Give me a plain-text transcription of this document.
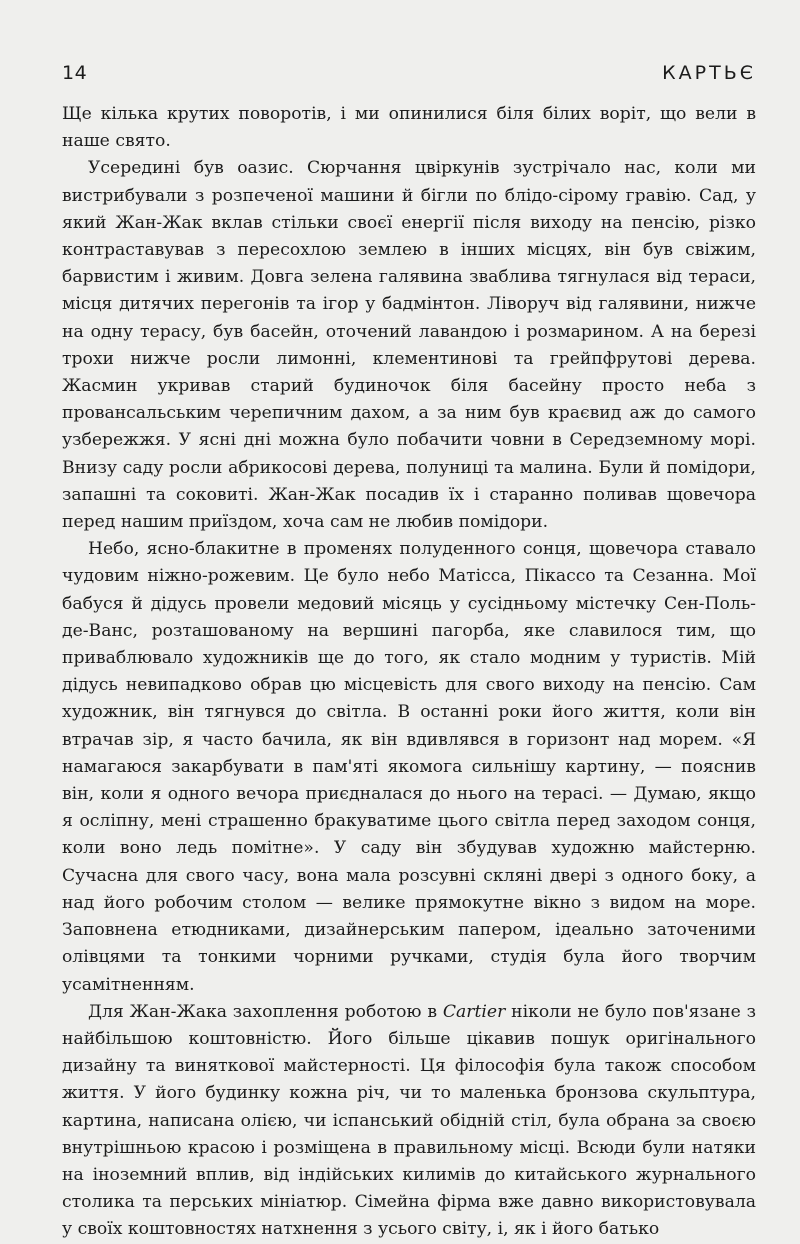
14	КАРТЬЄ

Ще кілька крутих поворотів, і ми опинилися біля білих воріт, що вели в наше свято.

Усередині був оазис. Сюрчання цвіркунів зустрічало нас, коли ми вистрибували з розпеченої машини й бігли по блідо-сірому гравію. Сад, у який Жан-Жак вклав стільки своєї енергії після виходу на пенсію, різко контраставував з пересохлою землею в інших місцях, він був свіжим, барвистим і живим. Довга зелена галявина зваблива тягнулася від тераси, місця дитячих перегонів та ігор у бадмінтон. Ліворуч від галявини, нижче на одну терасу, був басейн, оточений лавандою і розмарином. А на березі трохи нижче росли лимонні, клементинові та грейпфрутові дерева. Жасмин укривав старий будиночок біля басейну просто неба з провансальським черепичним дахом, а за ним був краєвид аж до самого узбережжя. У ясні дні можна було побачити човни в Середземному морі. Внизу саду росли абрикосові дерева, полуниці та малина. Були й помідори, запашні та соковиті. Жан-Жак посадив їх і старанно поливав щовечора перед нашим приїздом, хоча сам не любив помідори.

Небо, ясно-блакитне в променях полуденного сонця, щовечора ставало чудовим ніжно-рожевим. Це було небо Матісса, Пікассо та Сезанна. Мої бабуся й дідусь провели медовий місяць у сусідньому містечку Сен-Поль-де-Ванс, розташованому на вершині пагорба, яке славилося тим, що приваблювало художників ще до того, як стало модним у туристів. Мій дідусь невипадково обрав цю місцевість для свого виходу на пенсію. Сам художник, він тягнувся до світла. В останні роки його життя, коли він втрачав зір, я часто бачила, як він вдивлявся в горизонт над морем. «Я намагаюся закарбувати в пам'яті якомога сильнішу картину, — пояснив він, коли я одного вечора приєдналася до нього на терасі. — Думаю, якщо я осліпну, мені страшенно бракуватиме цього світла перед заходом сонця, коли воно ледь помітне». У саду він збудував художню майстерню. Сучасна для свого часу, вона мала розсувні скляні двері з одного боку, а над його робочим столом — велике прямокутне вікно з видом на море. Заповнена етюдниками, дизайнерським папером, ідеально заточеними олівцями та тонкими чорними ручками, студія була його творчим усамітненням.

Для Жан-Жака захоплення роботою в Cartier ніколи не було пов'язане з найбільшою коштовністю. Його більше цікавив пошук оригінального дизайну та виняткової майстерності. Ця філософія була також способом життя. У його будинку кожна річ, чи то маленька бронзова скульптура, картина, написана олією, чи іспанський обідній стіл, була обрана за своєю внутрішньою красою і розміщена в правильному місці. Всюди були натяки на іноземний вплив, від індійських килимів до китайського журнального столика та перських мініатюр. Сімейна фірма вже давно використовувала у своїх коштовностях натхнення з усього світу, і, як і його батько
